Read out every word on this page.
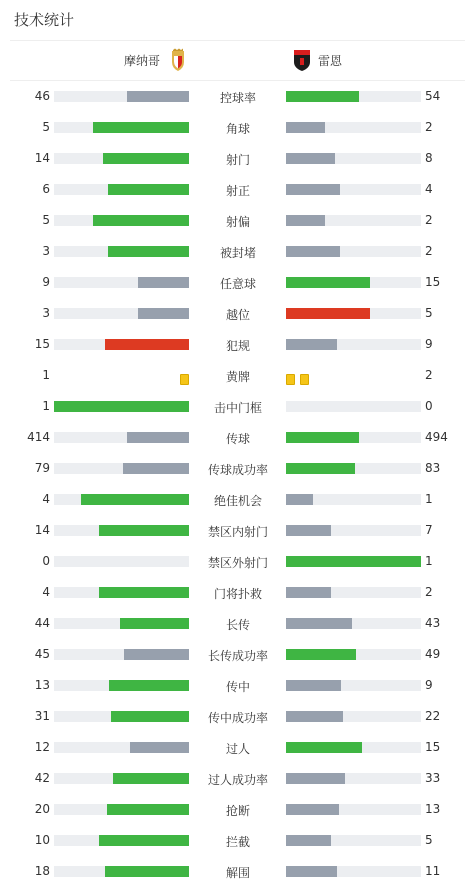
技术统计
摩纳哥	雷恩
46	控球率	54
5	角球	2
14	射门	8
6	射正	4
5	射偏	2
3	被封堵	2
9	任意球	15
3	越位	5
15	犯规	9
1	黄牌	2
1	击中门框	0
414	传球	494
79	传球成功率	83
4	绝佳机会	1
14	禁区内射门	7
0	禁区外射门	1
4	门将扑救	2
44	长传	43
45	长传成功率	49
13	传中	9
31	传中成功率	22
12	过人	15
42	过人成功率	33
20	抢断	13
10	拦截	5
18	解围	11
